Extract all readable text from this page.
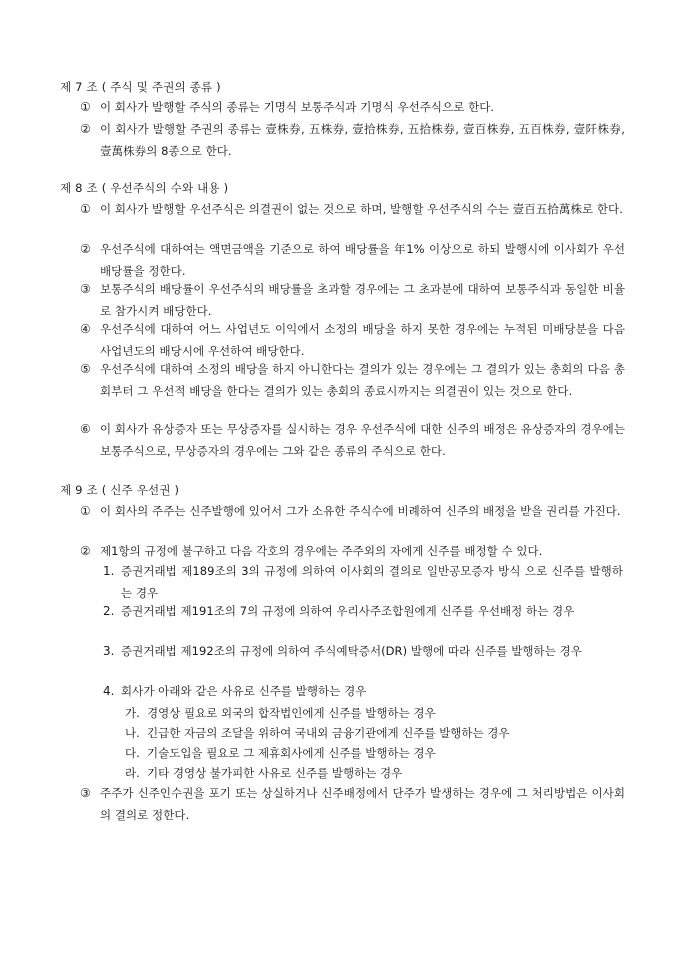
제 7 조 ( 주식 및 주권의 종류 )
① 이 회사가 발행할 주식의 종류는 기명식 보통주식과 기명식 우선주식으로 한다.
② 이 회사가 발행할 주권의 종류는 壹株券, 五株券, 壹拾株券, 五拾株券, 壹百株券, 五百株券, 壹阡株券, 壹萬株券의 8종으로 한다.
제 8 조 ( 우선주식의 수와 내용 )
① 이 회사가 발행할 우선주식은 의결권이 없는 것으로 하며, 발행할 우선주식의 수는 壹百五拾萬株로 한다.
② 우선주식에 대하여는 액면금액을 기준으로 하여 배당률을 年1% 이상으로 하되 발행시에 이사회가 우선배당률을 정한다.
③ 보통주식의 배당률이 우선주식의 배당률을 초과할 경우에는 그 초과분에 대하여 보통주식과 동일한 비율로 참가시켜 배당한다.
④ 우선주식에 대하여 어느 사업년도 이익에서 소정의 배당을 하지 못한 경우에는 누적된 미배당분을 다음 사업년도의 배당시에 우선하여 배당한다.
⑤ 우선주식에 대하여 소정의 배당을 하지 아니한다는 결의가 있는 경우에는 그 결의가 있는 총회의 다음 총회부터 그 우선적 배당을 한다는 결의가 있는 총회의 종료시까지는 의결권이 있는 것으로 한다.
⑥ 이 회사가 유상증자 또는 무상증자를 실시하는 경우 우선주식에 대한 신주의 배정은 유상증자의 경우에는 보통주식으로, 무상증자의 경우에는 그와 같은 종류의 주식으로 한다.
제 9 조 ( 신주 우선권 )
① 이 회사의 주주는 신주발행에 있어서 그가 소유한 주식수에 비례하여 신주의 배정을 받을 권리를 가진다.
② 제1항의 규정에 불구하고 다음 각호의 경우에는 주주외의 자에게 신주를 배정할 수 있다.
1. 증권거래법 제189조의 3의 규정에 의하여 이사회의 결의로 일반공모증자 방식 으로 신주를 발행하는 경우
2. 증권거래법 제191조의 7의 규정에 의하여 우리사주조합원에게 신주를 우선배정 하는 경우
3. 증권거래법 제192조의 규정에 의하여 주식예탁증서(DR) 발행에 따라 신주를 발행하는 경우
4. 회사가 아래와 같은 사유로 신주를 발행하는 경우
가. 경영상 필요로 외국의 합작법인에게 신주를 발행하는 경우
나. 긴급한 자금의 조달을 위하여 국내외 금융기관에게 신주를 발행하는 경우
다. 기술도입을 필요로 그 제휴회사에게 신주를 발행하는 경우
라. 기타 경영상 불가피한 사유로 신주를 발행하는 경우
③ 주주가 신주인수권을 포기 또는 상실하거나 신주배정에서 단주가 발생하는 경우에 그 처리방법은 이사회의 결의로 정한다.
